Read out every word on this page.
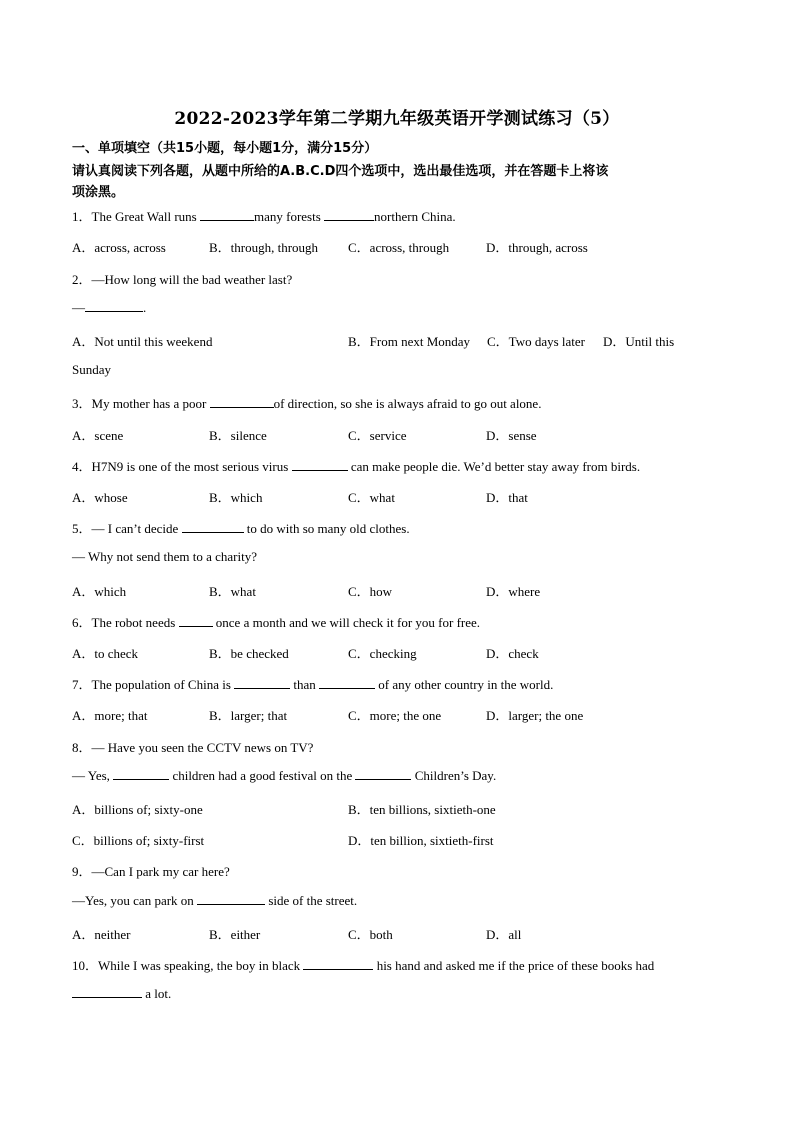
2022-2023学年第二学期九年级英语开学测试练习（5）
一、单项填空（共15小题，每小题1分，满分15分）
请认真阅读下列各题，从题中所给的A.B.C.D四个选项中，选出最佳选项，并在答题卡上将该
项涂黑。
1．The Great Wall runs	many forests	northern China.
A．across, across	B．through, through C．across, through	D．through, across
2．—How long will the bad weather last?
—	.
A．Not until this weekend	B．From next Monday C．Two days later D．Until this
Sunday
3．My mother has a poor	of direction, so she is always afraid to go out alone.
A．scene	B．silence	C．service	D．sense
4．H7N9 is one of the most serious virus	can make people die. We’d better stay away from birds.
A．whose	B．which	C．what	D．that
5．— I can’t decide	to do with so many old clothes.
— Why not send them to a charity?
A．which	B．what	C．how	D．where
6．The robot needs	once a month and we will check it for you for free.
A．to check	B．be checked	C．checking	D．check
7．The population of China is	than	of any other country in the world.
A．more; that	B．larger; that	C．more; the one	D．larger; the one
8．— Have you seen the CCTV news on TV?
— Yes,	children had a good festival on the	Children’s Day.
A．billions of; sixty-one	B．ten billions, sixtieth-one
C．billions of; sixty-first	D．ten billion, sixtieth-first
9．—Can I park my car here?
—Yes, you can park on	side of the street.
A．neither	B．either	C．both	D．all
10．While I was speaking, the boy in black	his hand and asked me if the price of these books had
a lot.
